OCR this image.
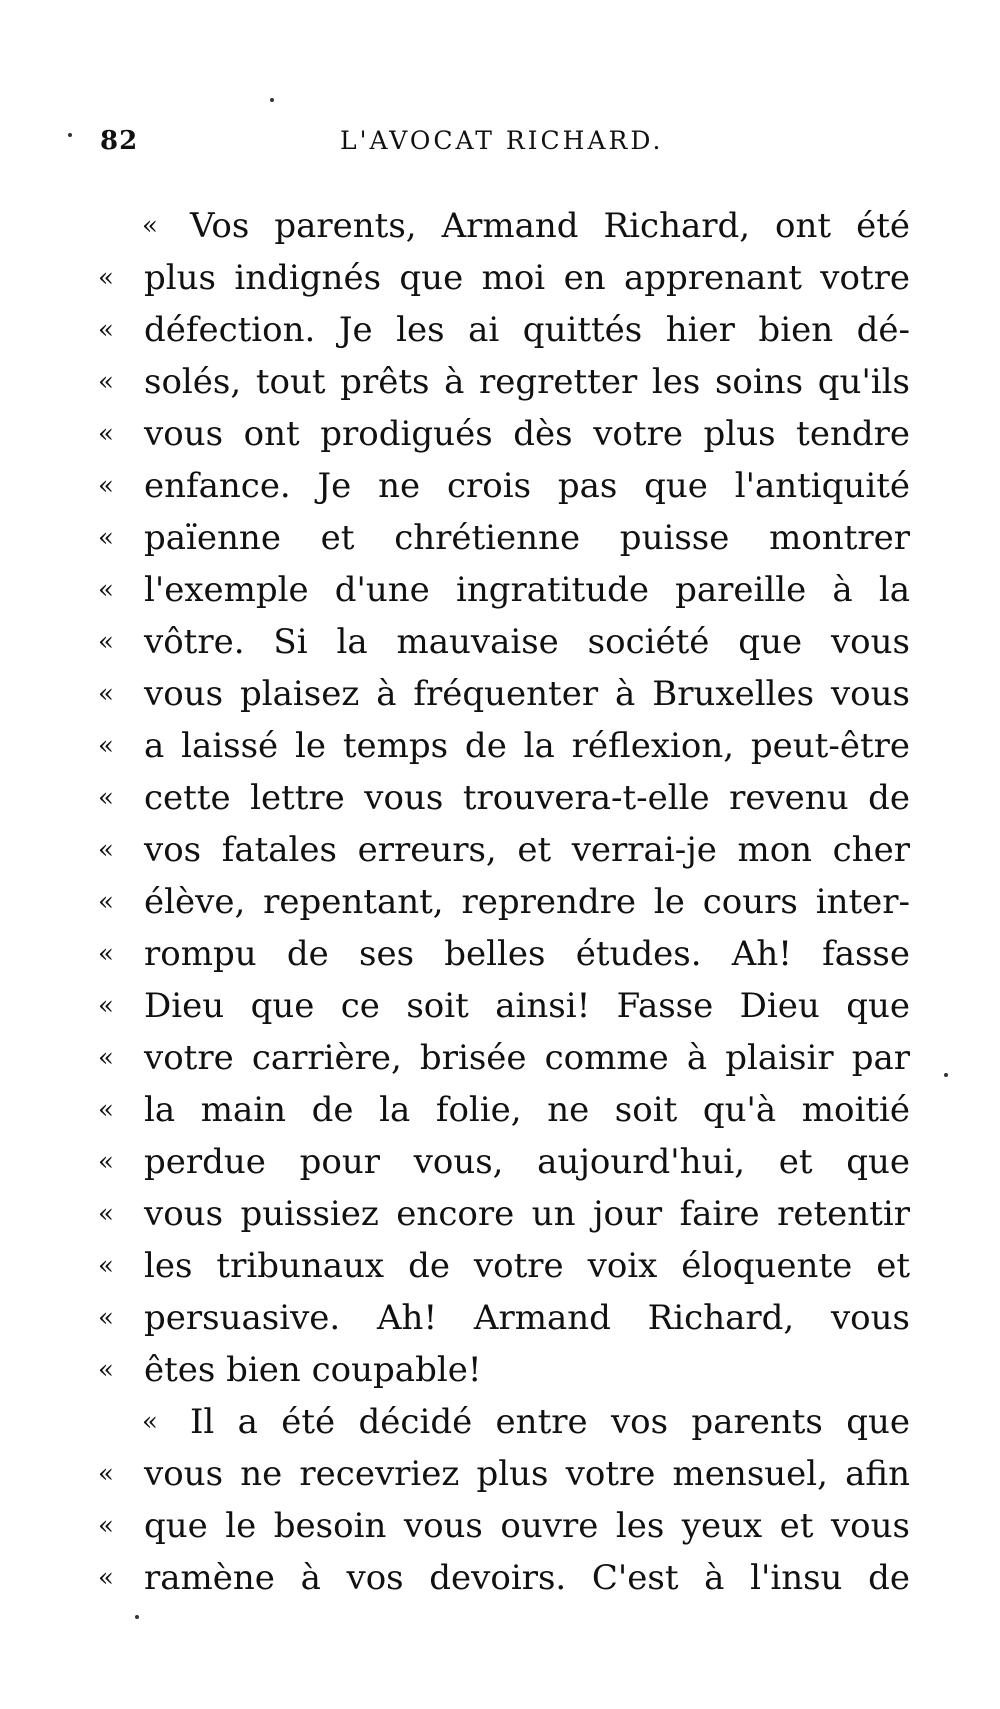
82	L'AVOCAT RICHARD.
« Vos parents, Armand Richard, ont été
« plus indignés que moi en apprenant votre
« défection. Je les ai quittés hier bien dé-
« solés, tout prêts à regretter les soins qu'ils
« vous ont prodigués dès votre plus tendre
« enfance. Je ne crois pas que l'antiquité
« païenne et chrétienne puisse montrer
« l'exemple d'une ingratitude pareille à la
« vôtre. Si la mauvaise société que vous
« vous plaisez à fréquenter à Bruxelles vous
« a laissé le temps de la réflexion, peut-être
« cette lettre vous trouvera-t-elle revenu de
« vos fatales erreurs, et verrai-je mon cher
« élève, repentant, reprendre le cours inter-
« rompu de ses belles études. Ah! fasse
« Dieu que ce soit ainsi! Fasse Dieu que
« votre carrière, brisée comme à plaisir par
« la main de la folie, ne soit qu'à moitié
« perdue pour vous, aujourd'hui, et que
« vous puissiez encore un jour faire retentir
« les tribunaux de votre voix éloquente et
« persuasive. Ah! Armand Richard, vous
« êtes bien coupable!
« Il a été décidé entre vos parents que
« vous ne recevriez plus votre mensuel, afin
« que le besoin vous ouvre les yeux et vous
« ramène à vos devoirs. C'est à l'insu de
